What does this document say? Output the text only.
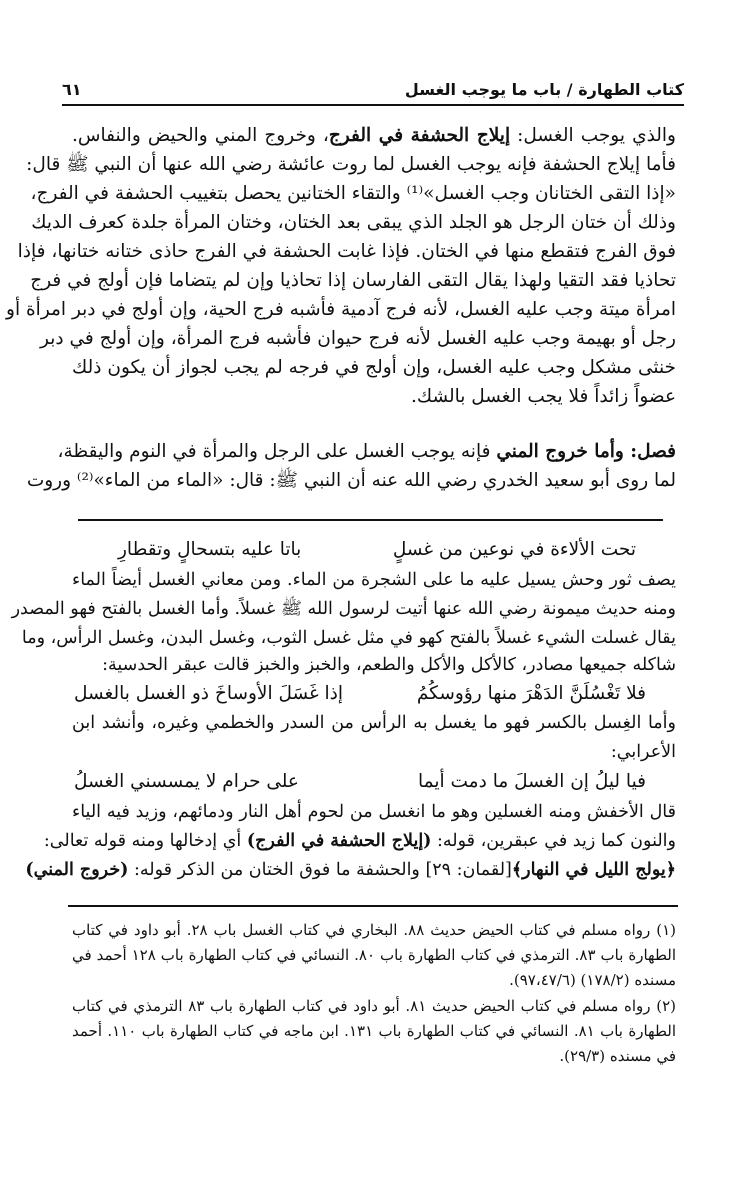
كتاب الطهارة / باب ما يوجب الغسل
٦١
والذي يوجب الغسل: إيلاج الحشفة في الفرج، وخروج المني والحيض والنفاس.
فأما إيلاج الحشفة فإنه يوجب الغسل لما روت عائشة رضي الله عنها أن النبي ﷺ قال:
«إذا التقى الختانان وجب الغسل»⁽¹⁾ والتقاء الختانين يحصل بتغييب الحشفة في الفرج،
وذلك أن ختان الرجل هو الجلد الذي يبقى بعد الختان، وختان المرأة جلدة كعرف الديك
فوق الفرج فتقطع منها في الختان. فإذا غابت الحشفة في الفرج حاذى ختانه ختانها، فإذا
تحاذيا فقد التقيا ولهذا يقال التقى الفارسان إذا تحاذيا وإن لم يتضاما فإن أولج في فرج
امرأة ميتة وجب عليه الغسل، لأنه فرج آدمية فأشبه فرج الحية، وإن أولج في دبر امرأة أو
رجل أو بهيمة وجب عليه الغسل لأنه فرج حيوان فأشبه فرج المرأة، وإن أولج في دبر
خنثى مشكل وجب عليه الغسل، وإن أولج في فرجه لم يجب لجواز أن يكون ذلك
عضواً زائداً فلا يجب الغسل بالشك.
فصل: وأما خروج المني فإنه يوجب الغسل على الرجل والمرأة في النوم واليقظة،
لما روى أبو سعيد الخدري رضي الله عنه أن النبي ﷺ: قال: «الماء من الماء»⁽²⁾ وروت
تحت الألاءة في نوعين من غسلٍ
باتا عليه بتسحالٍ وتقطارِ
يصف ثور وحش يسيل عليه ما على الشجرة من الماء. ومن معاني الغسل أيضاً الماء
ومنه حديث ميمونة رضي الله عنها أتيت لرسول الله ﷺ غسلاً. وأما الغسل بالفتح فهو المصدر
يقال غسلت الشيء غسلاً بالفتح كهو في مثل غسل الثوب، وغسل البدن، وغسل الرأس، وما
شاكله جميعها مصادر، كالأكل والأكل والطعم، والخبز والخبز قالت عبقر الحدسية:
فلا تَغْسُلَنَّ الدَهْرَ منها رؤوسكُمُ
إذا غَسَلَ الأوساخَ ذو الغسل بالغسل
وأما الغِسل بالكسر فهو ما يغسل به الرأس من السدر والخطمي وغيره، وأنشد ابن
الأعرابي:
فيا ليلُ إن الغسلَ ما دمت أيما
على حرام لا يمسسني الغسلُ
قال الأخفش ومنه الغسلين وهو ما انغسل من لحوم أهل النار ودمائهم، وزيد فيه الياء
والنون كما زيد في عبقرين، قوله: (إيلاج الحشفة في الفرج) أي إدخالها ومنه قوله تعالى:
﴿يولج الليل في النهار﴾[لقمان: ٢٩] والحشفة ما فوق الختان من الذكر قوله: (خروج المني)
(١) رواه مسلم في كتاب الحيض حديث ٨٨. البخاري في كتاب الغسل باب ٢٨. أبو داود في كتاب
الطهارة باب ٨٣. الترمذي في كتاب الطهارة باب ٨٠. النسائي في كتاب الطهارة باب ١٢٨ أحمد في
مسنده (١٧٨/٢) (٩٧،٤٧/٦).
(٢) رواه مسلم في كتاب الحيض حديث ٨١. أبو داود في كتاب الطهارة باب ٨٣ الترمذي في كتاب
الطهارة باب ٨١. النسائي في كتاب الطهارة باب ١٣١. ابن ماجه في كتاب الطهارة باب ١١٠. أحمد
في مسنده (٢٩/٣).
